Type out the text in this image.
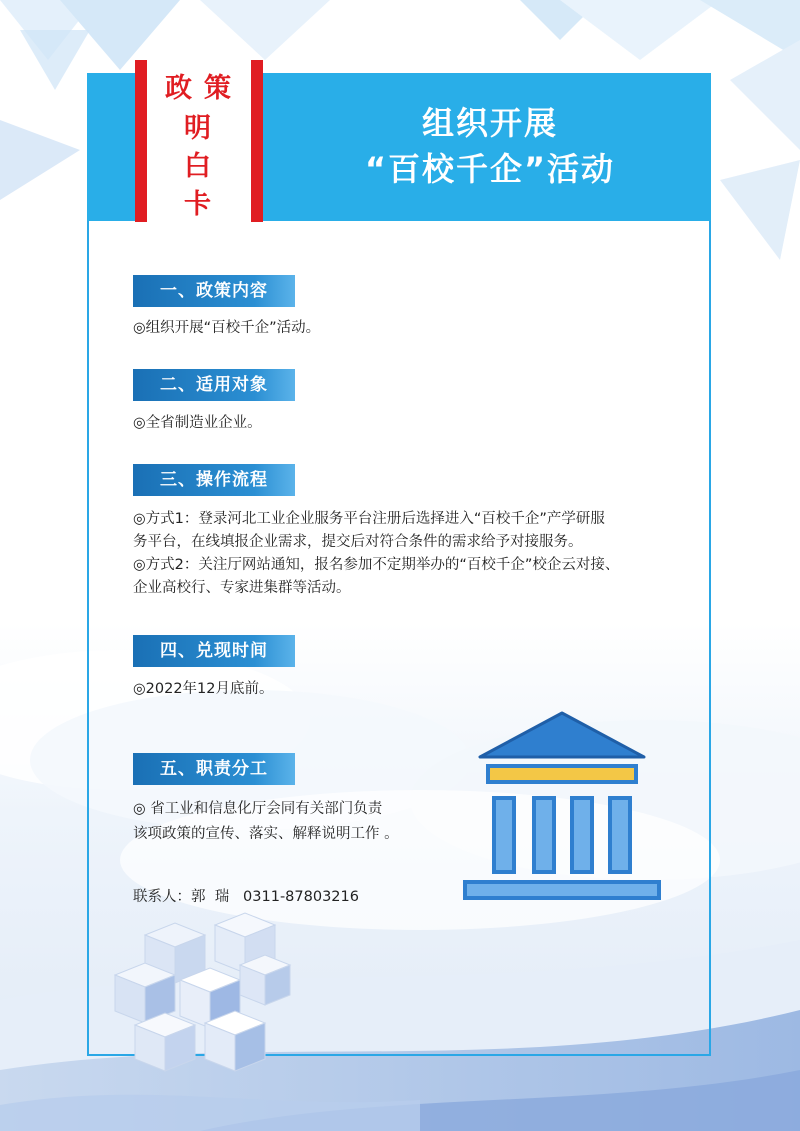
组织开展
“百校千企”活动
政 策
明
白
卡
一、政策内容
◎组织开展“百校千企”活动。
二、适用对象
◎全省制造业企业。
三、操作流程
◎方式1：登录河北工业企业服务平台注册后选择进入“百校千企”产学研服
务平台，在线填报企业需求，提交后对符合条件的需求给予对接服务。
◎方式2：关注厅网站通知，报名参加不定期举办的“百校千企”校企云对接、
企业高校行、专家进集群等活动。
四、兑现时间
◎2022年12月底前。
五、职责分工
◎ 省工业和信息化厅会同有关部门负责
该项政策的宣传、落实、解释说明工作 。
联系人：郭  瑞   0311-87803216
